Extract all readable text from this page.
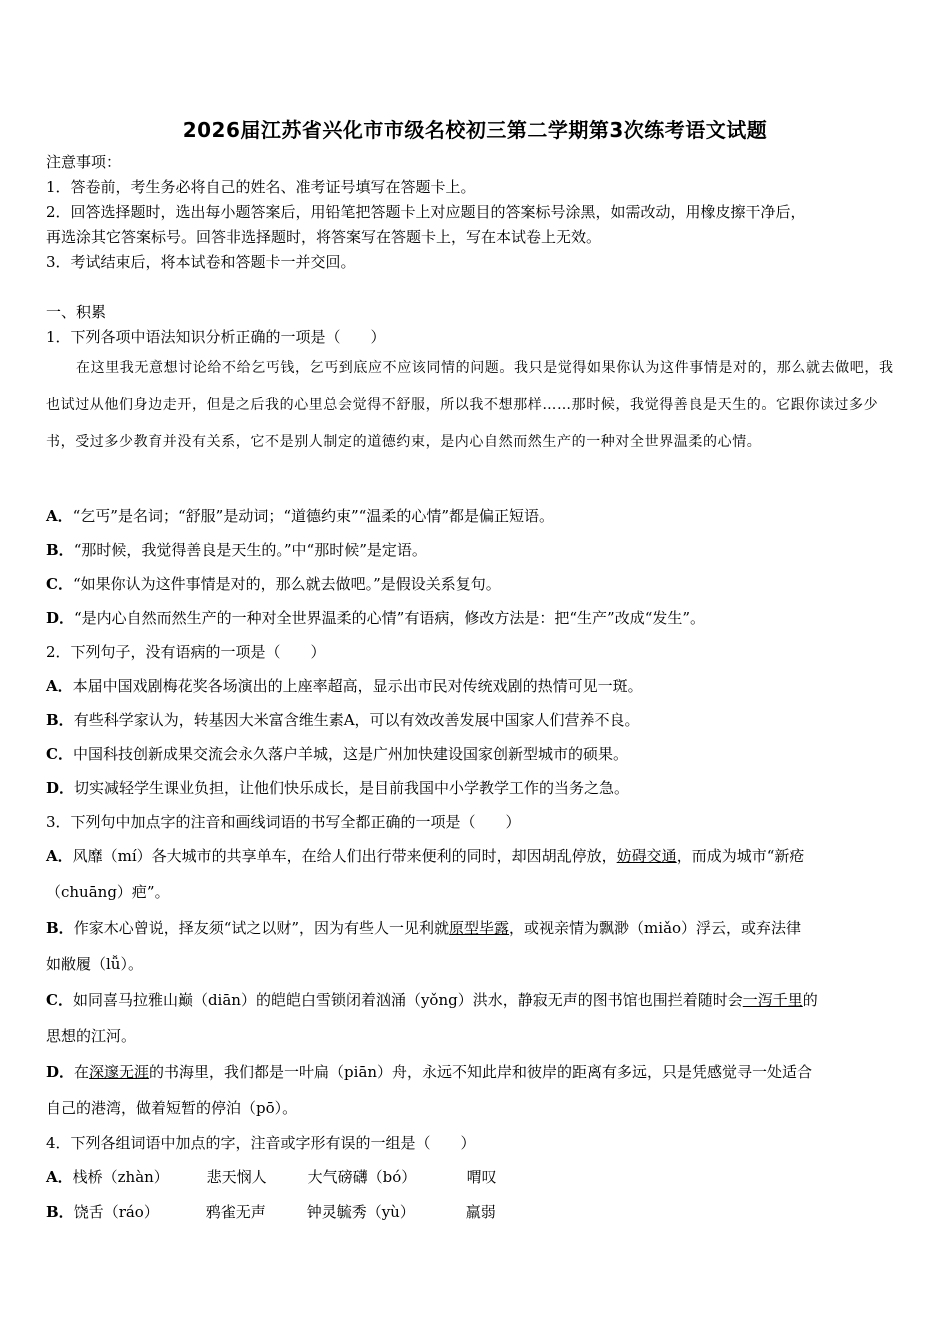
2026届江苏省兴化市市级名校初三第二学期第3次练考语文试题
注意事项：
1．答卷前，考生务必将自己的姓名、准考证号填写在答题卡上。
2．回答选择题时，选出每小题答案后，用铅笔把答题卡上对应题目的答案标号涂黑，如需改动，用橡皮擦干净后，
再选涂其它答案标号。回答非选择题时，将答案写在答题卡上，写在本试卷上无效。
3．考试结束后，将本试卷和答题卡一并交回。
一、积累
1．下列各项中语法知识分析正确的一项是（　　）
在这里我无意想讨论给不给乞丐钱，乞丐到底应不应该同情的问题。我只是觉得如果你认为这件事情是对的，那么就去做吧，我也试过从他们身边走开，但是之后我的心里总会觉得不舒服，所以我不想那样……那时候，我觉得善良是天生的。它跟你读过多少书，受过多少教育并没有关系，它不是别人制定的道德约束，是内心自然而然生产的一种对全世界温柔的心情。
A．“乞丐”是名词；“舒服”是动词；“道德约束”“温柔的心情”都是偏正短语。
B．“那时候，我觉得善良是天生的。”中“那时候”是定语。
C．“如果你认为这件事情是对的，那么就去做吧。”是假设关系复句。
D．“是内心自然而然生产的一种对全世界温柔的心情”有语病，修改方法是：把“生产”改成“发生”。
2．下列句子，没有语病的一项是（　　）
A．本届中国戏剧梅花奖各场演出的上座率超高，显示出市民对传统戏剧的热情可见一斑。
B．有些科学家认为，转基因大米富含维生素A，可以有效改善发展中国家人们营养不良。
C．中国科技创新成果交流会永久落户羊城，这是广州加快建设国家创新型城市的硕果。
D．切实减轻学生课业负担，让他们快乐成长，是目前我国中小学教学工作的当务之急。
3．下列句中加点字的注音和画线词语的书写全都正确的一项是（　　）
A．风靡（mí）各大城市的共享单车，在给人们出行带来便利的同时，却因胡乱停放，妨碍交通，而成为城市“新疮
（chuāng）疤”。
B．作家木心曾说，择友须“试之以财”，因为有些人一见利就原型毕露，或视亲情为飘渺（miǎo）浮云，或弃法律
如敝履（lǚ）。
C．如同喜马拉雅山巅（diān）的皑皑白雪锁闭着汹涌（yǒng）洪水，静寂无声的图书馆也围拦着随时会一泻千里的
思想的江河。
D．在深邃无涯的书海里，我们都是一叶扁（piān）舟，永远不知此岸和彼岸的距离有多远，只是凭感觉寻一处适合
自己的港湾，做着短暂的停泊（pō）。
4．下列各组词语中加点的字，注音或字形有误的一组是（　　）
A．栈桥（zhàn）	悲天悯人	大气磅礴（bó）	喟叹
B．饶舌（ráo）	鸦雀无声	钟灵毓秀（yù）	羸弱
